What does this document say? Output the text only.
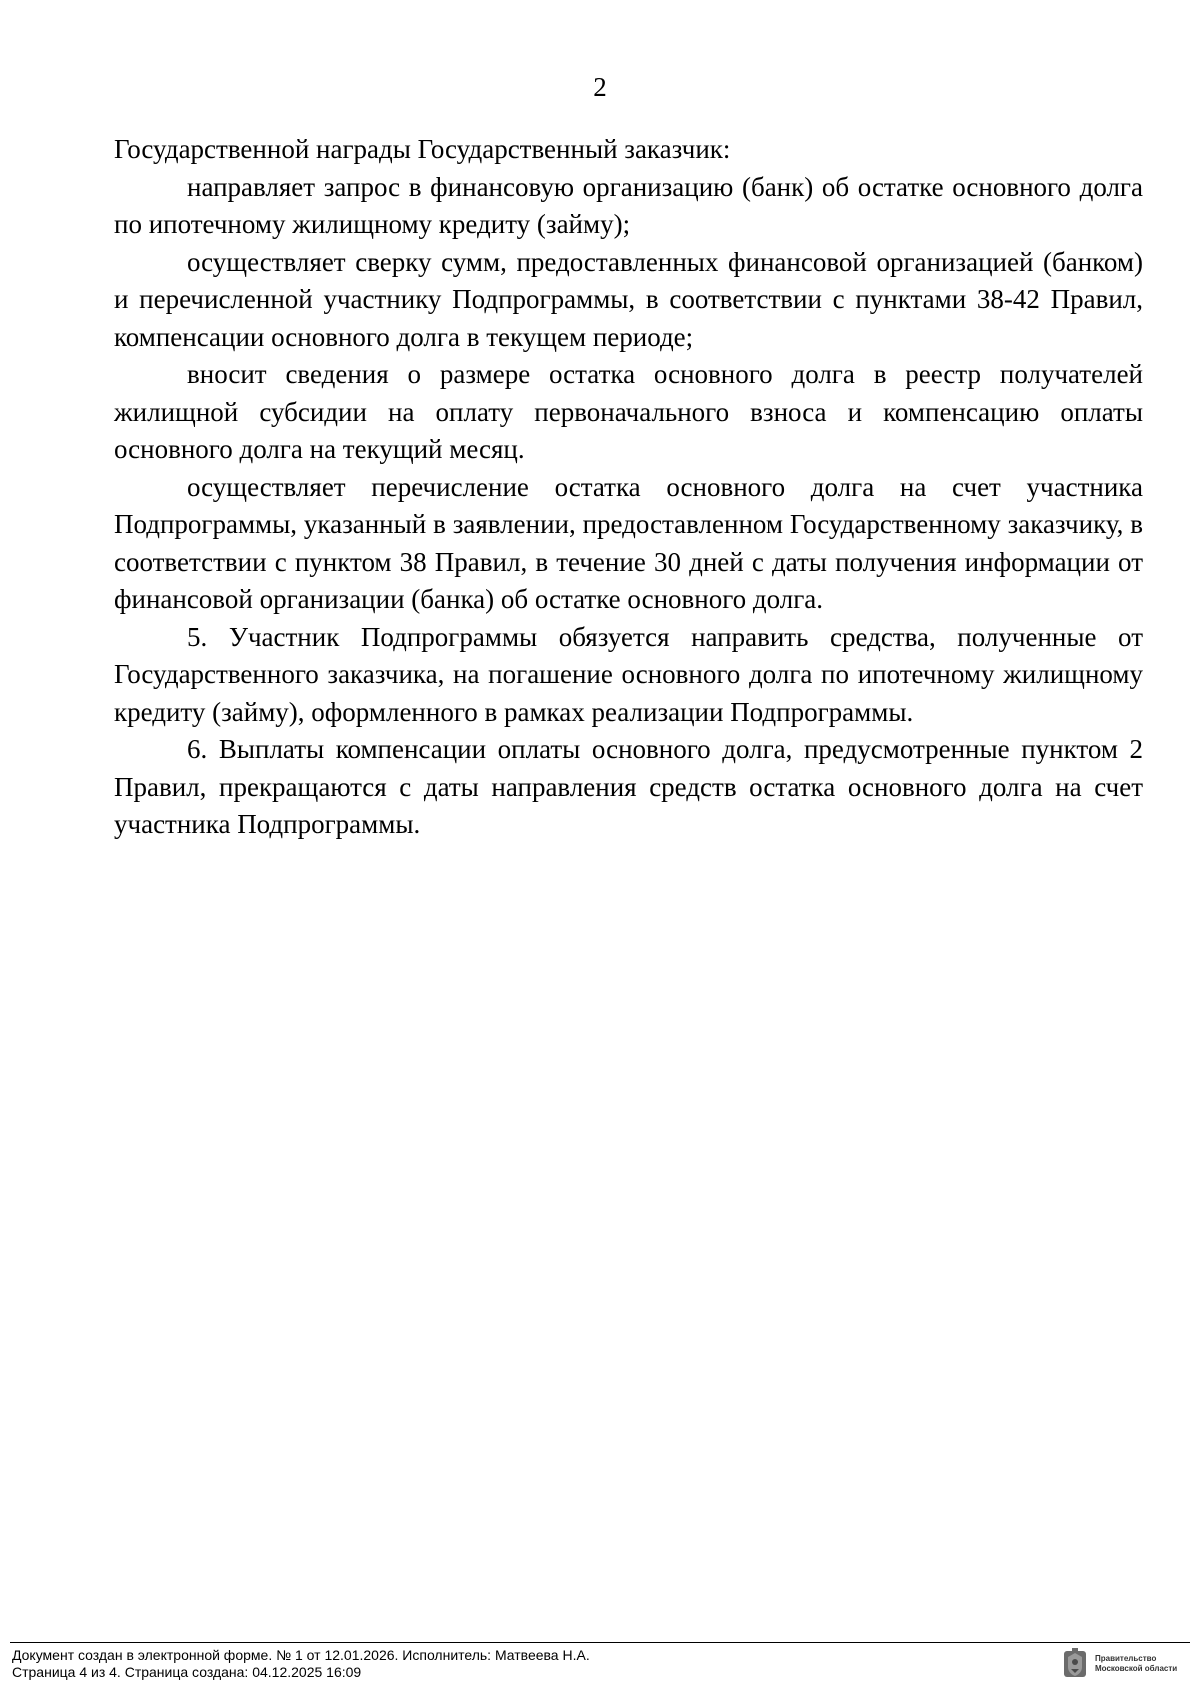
2

Государственной награды Государственный заказчик:

направляет запрос в финансовую организацию (банк) об остатке основного долга по ипотечному жилищному кредиту (займу);

осуществляет сверку сумм, предоставленных финансовой организацией (банком) и перечисленной участнику Подпрограммы, в соответствии с пунктами 38-42 Правил, компенсации основного долга в текущем периоде;

вносит сведения о размере остатка основного долга в реестр получателей жилищной субсидии на оплату первоначального взноса и компенсацию оплаты основного долга на текущий месяц.

осуществляет перечисление остатка основного долга на счет участника Подпрограммы, указанный в заявлении, предоставленном Государственному заказчику, в соответствии с пунктом 38 Правил, в течение 30 дней с даты получения информации от финансовой организации (банка) об остатке основного долга.

5. Участник Подпрограммы обязуется направить средства, полученные от Государственного заказчика, на погашение основного долга по ипотечному жилищному кредиту (займу), оформленного в рамках реализации Подпрограммы.

6. Выплаты компенсации оплаты основного долга, предусмотренные пунктом 2 Правил, прекращаются с даты направления средств остатка основного долга на счет участника Подпрограммы.

Документ создан в электронной форме. № 1 от 12.01.2026. Исполнитель: Матвеева Н.А.
Страница 4 из 4. Страница создана: 04.12.2025 16:09
Правительство
Московской области
